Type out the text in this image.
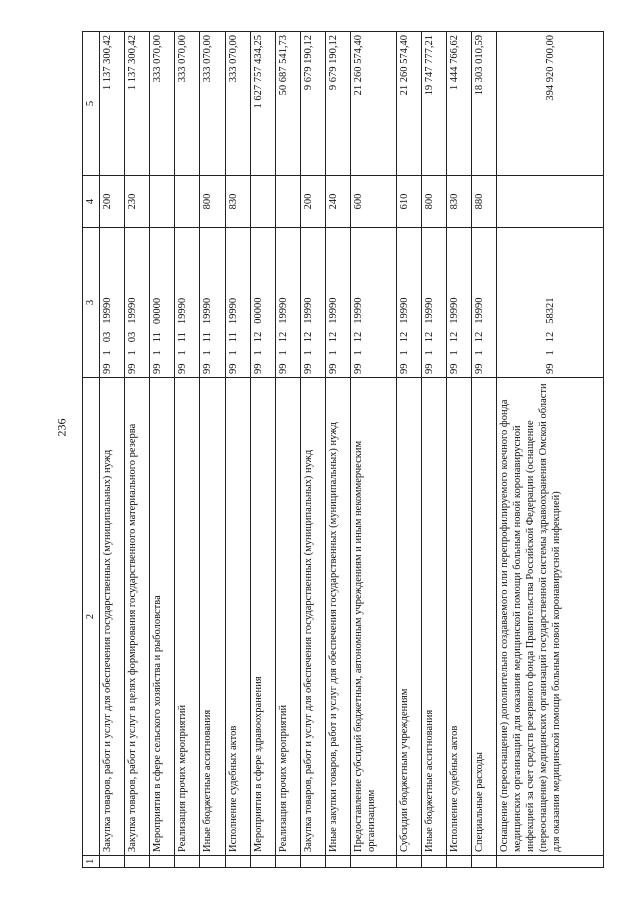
236
1	2	3	4	5
	Закупка товаров, работ и услуг для обеспечения государственных (муниципальных) нужд	9910319990	200	1 137 300,42
	Закупка товаров, работ и услуг в целях формирования государственного материального резерва	9910319990	230	1 137 300,42
	Мероприятия в сфере сельского хозяйства и рыболовства	9911100000		333 070,00
	Реализация прочих мероприятий	9911119990		333 070,00
	Иные бюджетные ассигнования	9911119990	800	333 070,00
	Исполнение судебных актов	9911119990	830	333 070,00
	Мероприятия в сфере здравоохранения	9911200000		1 627 757 434,25
	Реализация прочих мероприятий	9911219990		50 687 541,73
	Закупка товаров, работ и услуг для обеспечения государственных (муниципальных) нужд	9911219990	200	9 679 190,12
	Иные закупки товаров, работ и услуг для обеспечения государственных (муниципальных) нужд	9911219990	240	9 679 190,12
	Предоставление субсидий бюджетным, автономным учреждениям и иным некоммерческим организациям	9911219990	600	21 260 574,40
	Субсидии бюджетным учреждениям	9911219990	610	21 260 574,40
	Иные бюджетные ассигнования	9911219990	800	19 747 777,21
	Исполнение судебных актов	9911219990	830	1 444 766,62
	Специальные расходы	9911219990	880	18 303 010,59
	Оснащение (переоснащение) дополнительно создаваемого или перепрофилируемого коечного фонда медицинских организаций для оказания медицинской помощи больным новой коронавирусной инфекцией за счет средств резервного фонда Правительства Российской Федерации (оснащение (переоснащение) медицинских организаций государственной системы здравоохранения Омской области для оказания медицинской помощи больным новой коронавирусной инфекцией)	9911258321		394 920 700,00
